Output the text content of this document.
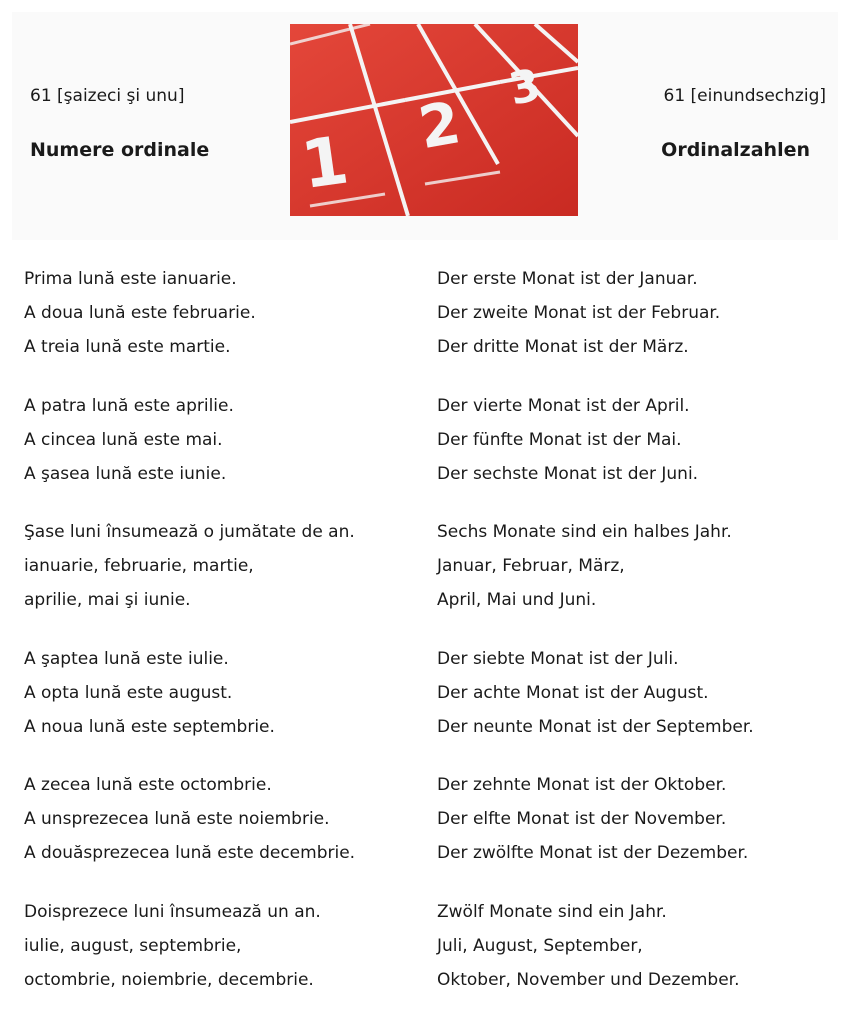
61 [şaizeci şi unu]
Numere ordinale
61 [einundsechzig]
Ordinalzahlen
1 2
3
Prima lună este ianuarie.	Der erste Monat ist der Januar.
A doua lună este februarie.	Der zweite Monat ist der Februar.
A treia lună este martie.	Der dritte Monat ist der März.
A patra lună este aprilie.	Der vierte Monat ist der April.
A cincea lună este mai.	Der fünfte Monat ist der Mai.
A şasea lună este iunie.	Der sechste Monat ist der Juni.
Şase luni însumează o jumătate de an.	Sechs Monate sind ein halbes Jahr.
ianuarie, februarie, martie,	Januar, Februar, März,
aprilie, mai şi iunie.	April, Mai und Juni.
A şaptea lună este iulie.	Der siebte Monat ist der Juli.
A opta lună este august.	Der achte Monat ist der August.
A noua lună este septembrie.	Der neunte Monat ist der September.
A zecea lună este octombrie.	Der zehnte Monat ist der Oktober.
A unsprezecea lună este noiembrie.	Der elfte Monat ist der November.
A douăsprezecea lună este decembrie.	Der zwölfte Monat ist der Dezember.
Doisprezece luni însumează un an.	Zwölf Monate sind ein Jahr.
iulie, august, septembrie,	Juli, August, September,
octombrie, noiembrie, decembrie.	Oktober, November und Dezember.
